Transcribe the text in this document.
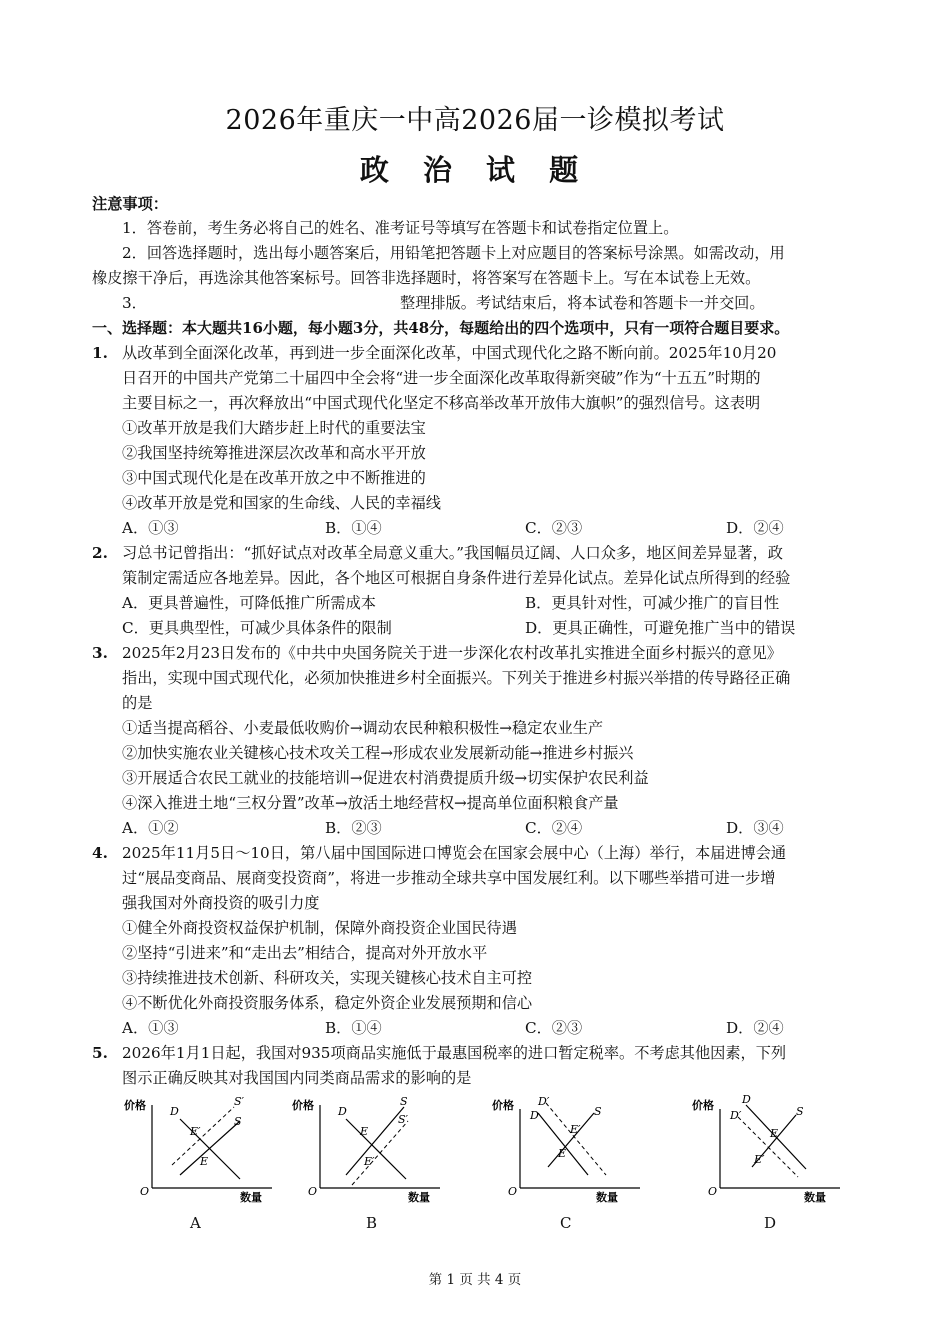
2026年重庆一中高2026届一诊模拟考试
政 治 试 题
注意事项：
1．答卷前，考生务必将自己的姓名、准考证号等填写在答题卡和试卷指定位置上。
2．回答选择题时，选出每小题答案后，用铅笔把答题卡上对应题目的答案标号涂黑。如需改动，用
橡皮擦干净后，再选涂其他答案标号。回答非选择题时，将答案写在答题卡上。写在本试卷上无效。
3．	整理排版。考试结束后，将本试卷和答题卡一并交回。
一、选择题：本大题共16小题，每小题3分，共48分，每题给出的四个选项中，只有一项符合题目要求。
1. 从改革到全面深化改革，再到进一步全面深化改革，中国式现代化之路不断向前。2025年10月20
日召开的中国共产党第二十届四中全会将“进一步全面深化改革取得新突破”作为“十五五”时期的
主要目标之一，再次释放出“中国式现代化坚定不移高举改革开放伟大旗帜”的强烈信号。这表明
①改革开放是我们大踏步赶上时代的重要法宝
②我国坚持统筹推进深层次改革和高水平开放
③中国式现代化是在改革开放之中不断推进的
④改革开放是党和国家的生命线、人民的幸福线
A．①③	B．①④	C．②③	D．②④
2. 习总书记曾指出：“抓好试点对改革全局意义重大。”我国幅员辽阔、人口众多，地区间差异显著，政
策制定需适应各地差异。因此，各个地区可根据自身条件进行差异化试点。差异化试点所得到的经验
A．更具普遍性，可降低推广所需成本	B．更具针对性，可减少推广的盲目性
C．更具典型性，可减少具体条件的限制	D．更具正确性，可避免推广当中的错误
3. 2025年2月23日发布的《中共中央国务院关于进一步深化农村改革扎实推进全面乡村振兴的意见》
指出，实现中国式现代化，必须加快推进乡村全面振兴。下列关于推进乡村振兴举措的传导路径正确
的是
①适当提高稻谷、小麦最低收购价→调动农民种粮积极性→稳定农业生产
②加快实施农业关键核心技术攻关工程→形成农业发展新动能→推进乡村振兴
③开展适合农民工就业的技能培训→促进农村消费提质升级→切实保护农民利益
④深入推进土地“三权分置”改革→放活土地经营权→提高单位面积粮食产量
A．①②	B．②③	C．②④	D．③④
4. 2025年11月5日～10日，第八届中国国际进口博览会在国家会展中心（上海）举行，本届进博会通
过“展品变商品、展商变投资商”，将进一步推动全球共享中国发展红利。以下哪些举措可进一步增
强我国对外商投资的吸引力度
①健全外商投资权益保护机制，保障外商投资企业国民待遇
②坚持“引进来”和“走出去”相结合，提高对外开放水平
③持续推进技术创新、科研攻关，实现关键核心技术自主可控
④不断优化外商投资服务体系，稳定外资企业发展预期和信心
A．①③	B．①④	C．②③	D．②④
5. 2026年1月1日起，我国对935项商品实施低于最惠国税率的进口暂定税率。不考虑其他因素，下列
图示正确反映其对我国国内同类商品需求的影响的是
价格
O	数量
D
S′
S
E′
E
价格
O	数量
D
S
S′
E
E′
价格
O	数量
D′
D	S
E′
E
价格
O	数量
D
D′	S
E
E′
A	B	C	D
第 1 页 共 4 页
